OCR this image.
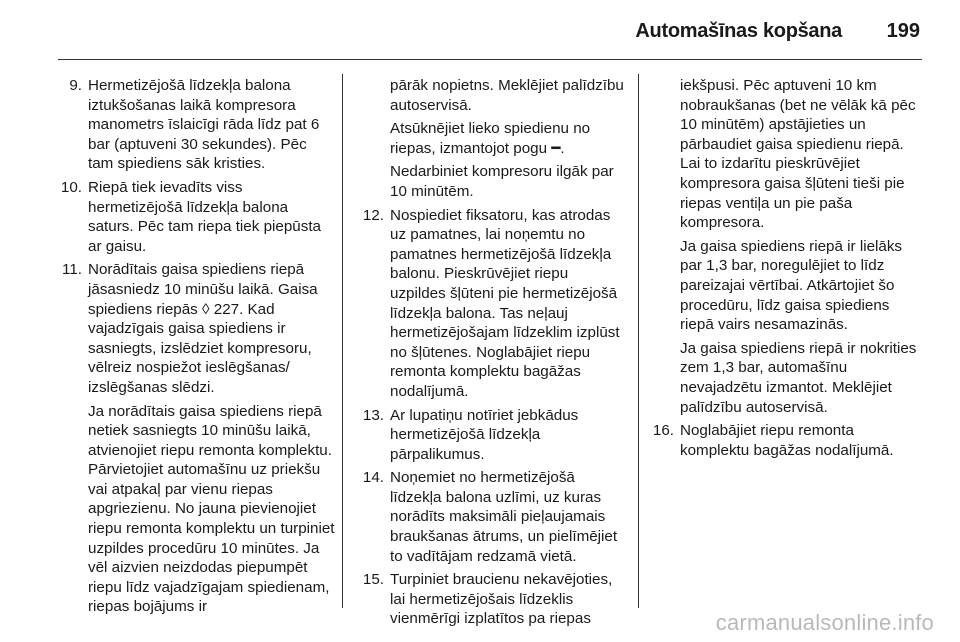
Automašīnas kopšana 199
9. Hermetizējošā līdzekļa balona iztukšošanas laikā kompresora manometrs īslaicīgi rāda līdz pat 6 bar (aptuveni 30 sekundes). Pēc tam spiediens sāk kristies.
10. Riepā tiek ievadīts viss hermetizējošā līdzekļa balona saturs. Pēc tam riepa tiek piepūsta ar gaisu.
11. Norādītais gaisa spiediens riepā jāsasniedz 10 minūšu laikā. Gaisa spiediens riepās ◊ 227. Kad vajadzīgais gaisa spiediens ir sasniegts, izslēdziet kompresoru, vēlreiz nospiežot ieslēgšanas/ izslēgšanas slēdzi.

Ja norādītais gaisa spiediens riepā netiek sasniegts 10 minūšu laikā, atvienojiet riepu remonta komplektu. Pārvietojiet automašīnu uz priekšu vai atpakaļ par vienu riepas apgriezienu. No jauna pievienojiet riepu remonta komplektu un turpiniet uzpildes procedūru 10 minūtes. Ja vēl aizvien neizdodas piepumpēt riepu līdz vajadzīgajam spiedienam, riepas bojājums ir

pārāk nopietns. Meklējiet palīdzību autoservisā.

Atsūknējiet lieko spiedienu no riepas, izmantojot pogu ━.

Nedarbiniet kompresoru ilgāk par 10 minūtēm.

12. Nospiediet fiksatoru, kas atrodas uz pamatnes, lai noņemtu no pamatnes hermetizējošā līdzekļa balonu. Pieskrūvējiet riepu uzpildes šļūteni pie hermetizējošā līdzekļa balona. Tas neļauj hermetizējošajam līdzeklim izplūst no šļūtenes. Noglabājiet riepu remonta komplektu bagāžas nodalījumā.
13. Ar lupatiņu notīriet jebkādus hermetizējošā līdzekļa pārpalikumus.
14. Noņemiet no hermetizējošā līdzekļa balona uzlīmi, uz kuras norādīts maksimāli pieļaujamais braukšanas ātrums, un pielīmējiet to vadītājam redzamā vietā.
15. Turpiniet braucienu nekavējoties, lai hermetizējošais līdzeklis vienmērīgi izplatītos pa riepas

iekšpusi. Pēc aptuveni 10 km nobraukšanas (bet ne vēlāk kā pēc 10 minūtēm) apstājieties un pārbaudiet gaisa spiedienu riepā. Lai to izdarītu pieskrūvējiet kompresora gaisa šļūteni tieši pie riepas ventiļa un pie paša kompresora.

Ja gaisa spiediens riepā ir lielāks par 1,3 bar, noregulējiet to līdz pareizajai vērtībai. Atkārtojiet šo procedūru, līdz gaisa spiediens riepā vairs nesamazinās.

Ja gaisa spiediens riepā ir nokrities zem 1,3 bar, automašīnu nevajadzētu izmantot. Meklējiet palīdzību autoservisā.

16. Noglabājiet riepu remonta komplektu bagāžas nodalījumā.
carmanualsonline.info
